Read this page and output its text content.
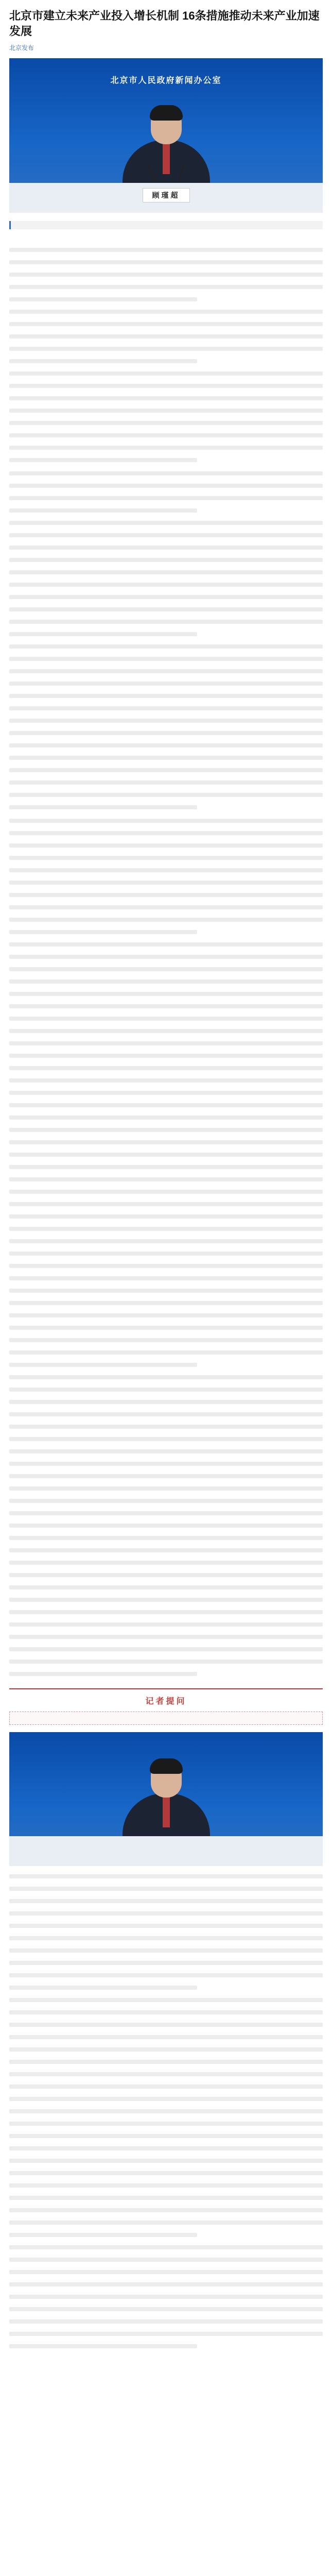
北京市建立未来产业投入增长机制 16条措施推动未来产业加速发展
北京发布
北京市人民政府新闻办公室
顾瑾超
记者提问
